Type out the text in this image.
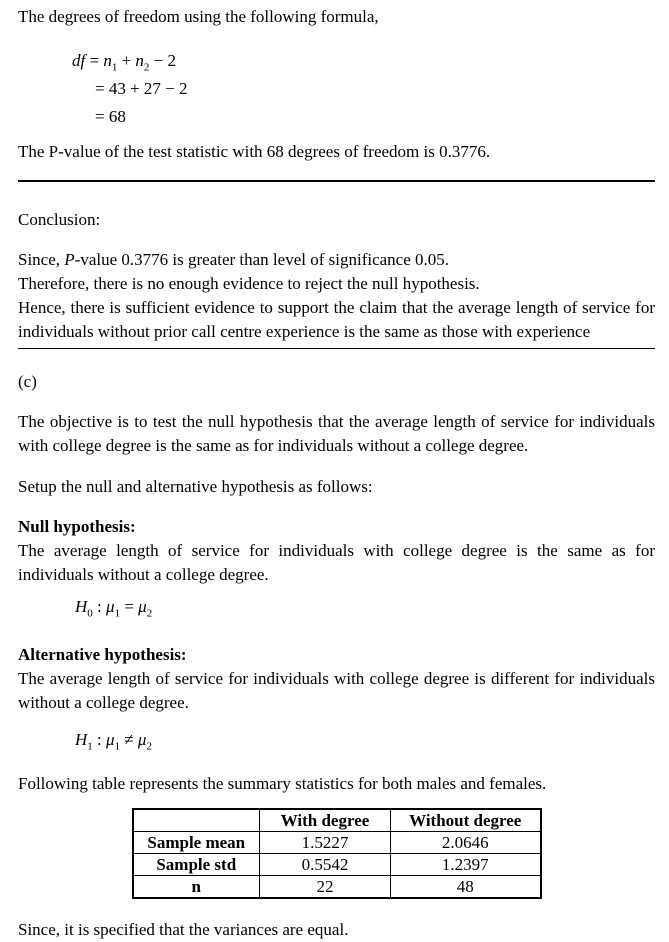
The degrees of freedom using the following formula,

df = $n_1 + n_2 - 2$
= 43 + 27 − 2
= 68

The P-value of the test statistic with 68 degrees of freedom is 0.3776.

Conclusion:

Since, P-value 0.3776 is greater than level of significance 0.05.

Therefore, there is no enough evidence to reject the null hypothesis.

Hence, there is sufficient evidence to support the claim that the average length of service for individuals without prior call centre experience is the same as those with experience

(c)

The objective is to test the null hypothesis that the average length of service for individuals with college degree is the same as for individuals without a college degree.

Setup the null and alternative hypothesis as follows:

Null hypothesis:

The average length of service for individuals with college degree is the same as for individuals without a college degree.

$H_0$ : $\mu_1 = \mu_2$

Alternative hypothesis:

The average length of service for individuals with college degree is different for individuals without a college degree.

$H_1$ : $\mu_1 \ne \mu_2$

Following table represents the summary statistics for both males and females.

	With degree	Without degree
Sample mean	1.5227	2.0646
Sample std	0.5542	1.2397
n	22	48

Since, it is specified that the variances are equal.
